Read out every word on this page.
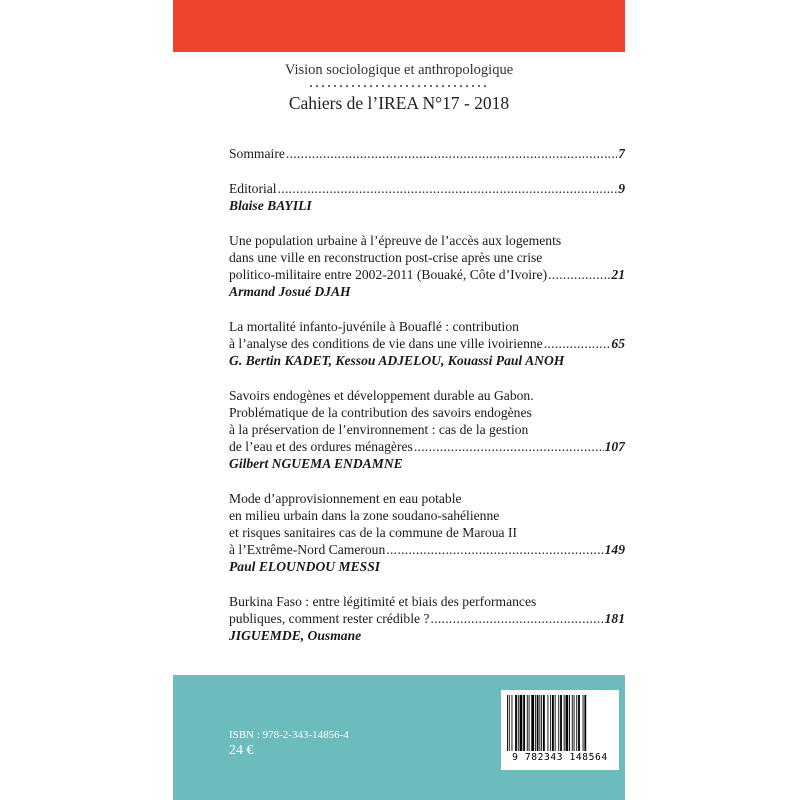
Vision sociologique et anthropologique
Cahiers de l’IREA N°17 - 2018
Sommaire .....	7
Editorial .....	9
Blaise BAYILI
Une population urbaine à l’épreuve de l’accès aux logements
dans une ville en reconstruction post-crise après une crise
politico-militaire entre 2002-2011 (Bouaké, Côte d’Ivoire) .....	21
Armand Josué DJAH
La mortalité infanto-juvénile à Bouaflé : contribution
à l’analyse des conditions de vie dans une ville ivoirienne .....	65
G. Bertin KADET, Kessou ADJELOU, Kouassi Paul ANOH
Savoirs endogènes et développement durable au Gabon.
Problématique de la contribution des savoirs endogènes
à la préservation de l’environnement : cas de la gestion
de l’eau et des ordures ménagères .....	107
Gilbert NGUEMA ENDAMNE
Mode d’approvisionnement en eau potable
en milieu urbain dans la zone soudano-sahélienne
et risques sanitaires cas de la commune de Maroua II
à l’Extrême-Nord Cameroun .....	149
Paul ELOUNDOU MESSI
Burkina Faso : entre légitimité et biais des performances
publiques, comment rester crédible ? .....	181
JIGUEMDE, Ousmane
ISBN : 978-2-343-14856-4
24 €	9 782343 148564
